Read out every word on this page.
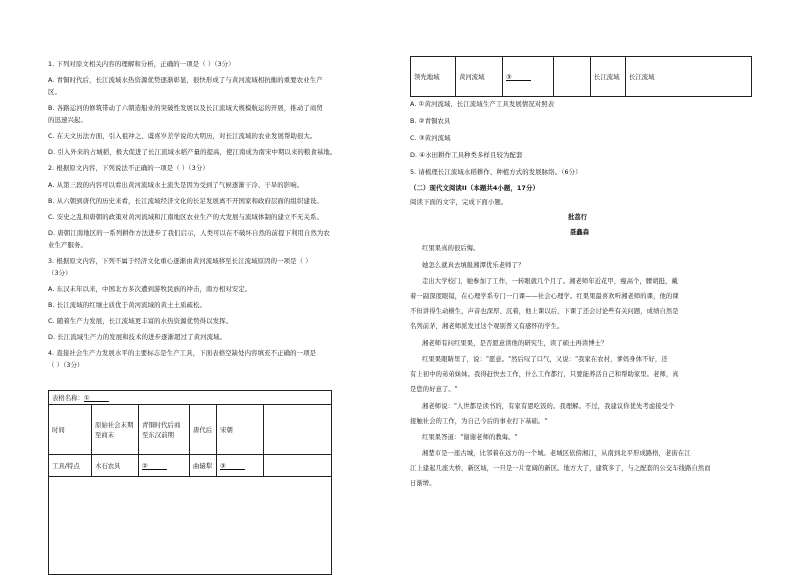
1. 下列对原文相关内容的理解和分析，正确的一项是（ ）（3分）
A. 青铜时代后，长江流域水热资源优势逐渐彰显，很快形成了与黄河流域相抗衡的重要农业生产
区。
B. 各路运河的修筑带动了六朝造船业的突破性发展以及长江流域大规模航运的开展，推动了商贸
的迅速兴起。
C. 在天文历法方面，引入祖冲之、虞喜岁差学说的大明历，对长江流域的农业发展帮助很大。
D. 引入外来的占城稻，极大促进了长江流域水稻产量的提高，使江南成为南宋中期以来的粮食基地。
2. 根据原文内容，下列说法不正确的一项是（ ）（3分）
A. 从第三段的内容可以看出黄河流域水土流失是因为受到了气候逐渐干冷、干旱的影响。
B. 从六朝到唐代的历史来看，长江流域经济文化的长足发展离不开国家和政府层面的组织建设。
C. 安史之乱和唐朝的政策对黄河流域和江南地区农业生产的大发展与流域体制的建立不无关系。
D. 唐朝江南地区的一系列耕作方法进步了我们启示，人类可以在不破坏自然的前提下利用自然为农
业生产服务。
3. 根据原文内容，下列不属于经济文化重心逐渐由黄河流域移至长江流域原因的一项是（ ）
（3分）
A. 东汉末年以来，中国北方多次遭到游牧民族的冲击，南方相对安定。
B. 长江流域的红壤土质优于黄河流域的黄土土质疏松。
C. 随着生产力发展，长江流域更丰富的水热资源优势得以发挥。
D. 长江流域生产力的发展和技术的进步逐渐超过了黄河流域。
4. 直接社会生产力发展水平的主要标志是生产工具，下面表格空缺处内容填充不正确的一项是
（ ）（3分）
表格名称：①______					
时间	原始社会末期至商末	青铜时代后商至东汉前期	唐代后	宋朝	
工具/特点	木石农具	②______	曲辕犁	③______	

领先地域	黄河流域	③______		长江流域	长江流域
A. ①黄河流域、长江流域生产工具发展情况对照表
B. ②青铜农具
C. ③黄河流域
D. ④水田耕作工具种类多样且较为配套
5. 请梳理长江流域水稻耕作、种植方式的发展脉络。（6分）
（二）现代文阅读II（本题共4小题，17分）
阅读下面的文字，完成下面小题。
批荔行
聂鑫森
红果果真的很后悔。
她怎么就真去填报湘潭优乐老师了？
走出大学校门，她参加了工作，一转眼就几个月了。湘老师年近花甲，瘦高个，腰胡挺，戴
着一副深度眼镜，在心理学系专门一门课——社会心理学。红果果最喜欢听湘老师的课，他的课
不但讲得生动横生，声音也深厚、沉着，他上课以后，下课了还会讨论些有关问题，成绩自然是
名列前茅，湘老师派发过这个观别普又有感怀的学生。
湘老师有问红果果，是否愿意读他的研究生，读了硕士再读博士？
红果果眼睛里了，说："愿意。"然后叹了口气，又说："我家在农村，爹妈身体不好，还
有上初中的弟弟妹妹。我得赶快去工作，什么工作都行，只要能养活自己和帮助家里。老师，真
是您的好意了。"
湘老师说："人世都是读书的，有家有恩吃饭的。我理解。不过，我建议你优先考虑接受个
接触社会的工作，为自己今后的事业打下基础。"
红果果答道："谢谢老师的教诲。"
湘楚市是一座古城，比邻着在远方的一个城。老城区依傍湘江，从南到北平形成路格，老街在江
江上建起几座大桥，新区域，一旦是一片宽阔的新区。地方大了，建筑多了，与之配套的公交车线路自然而
日渐增。
